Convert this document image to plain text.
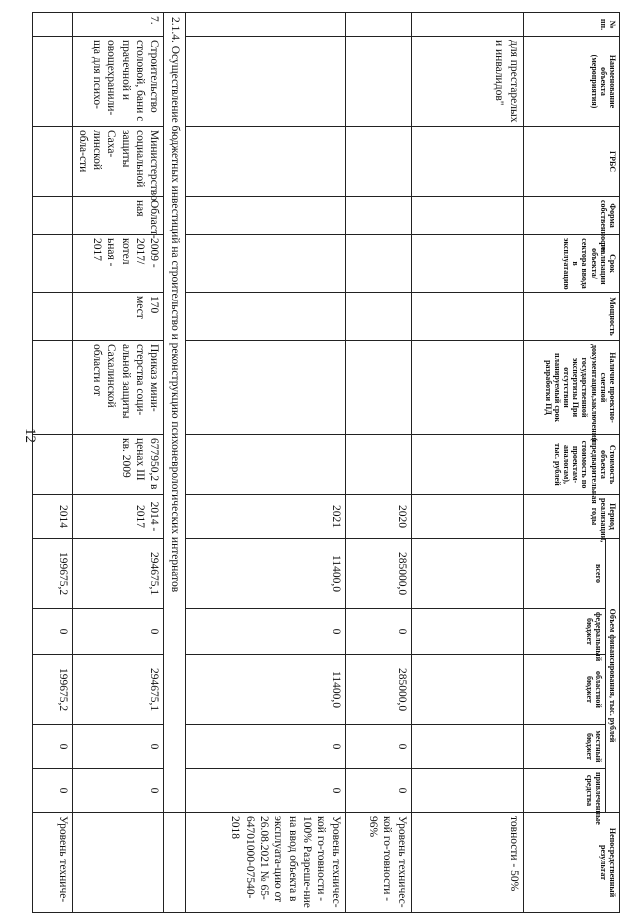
12
№ пп.	Наименование объекта (мероприятия)	ГРБС	Форма собственности	Срок реализации объекта/сектора ввода в эксплуатацию	Мощность	Наличие проектно-сметной документации,заключения государственной экспертизы При отсутствии планируемый срок разработки ПД	Стоимость объекта (предварительная стоимость по проектам-аналогам), тыс. рублей	Период реализации, годы	Объем финансирования, тыс. рублей					Непосредственный результат
									всего	федеральный бюджет	областной бюджет	местный бюджет	привлеченные средства	
	для престарелых и инвалидов"													товности - 50%
								2020	285000,0	0	285000,0	0	0	Уровень техничес-кой го-товности - 96%
								2021	11400,0	0	11400,0	0	0	Уровень техничес-кой го-товности - 100% Разреше-ние на ввод объекта в эксплуата-цию от 26.08.2021 № 65-64701000-07540-2018
2.1.4. Осуществление бюджетных инвестиций на строительство и реконструкцию психоневрологических интернатов														
7.	Строительство столовой, бани с прачечной и овощехранили-ща для психо-	Министерство социальной защиты Саха-линской обла-сти	Област-ная	2009 - 2017/котел ьная - 2017	170 мест	Приказ мини-стерства соци-альной защиты Сахалинской области от	677950,2 в ценах III кв. 2009	2014 - 2017	294675,1	0	294675,1	0	0	
								2014	199675,2	0	199675,2	0	0	Уровень техниче-
